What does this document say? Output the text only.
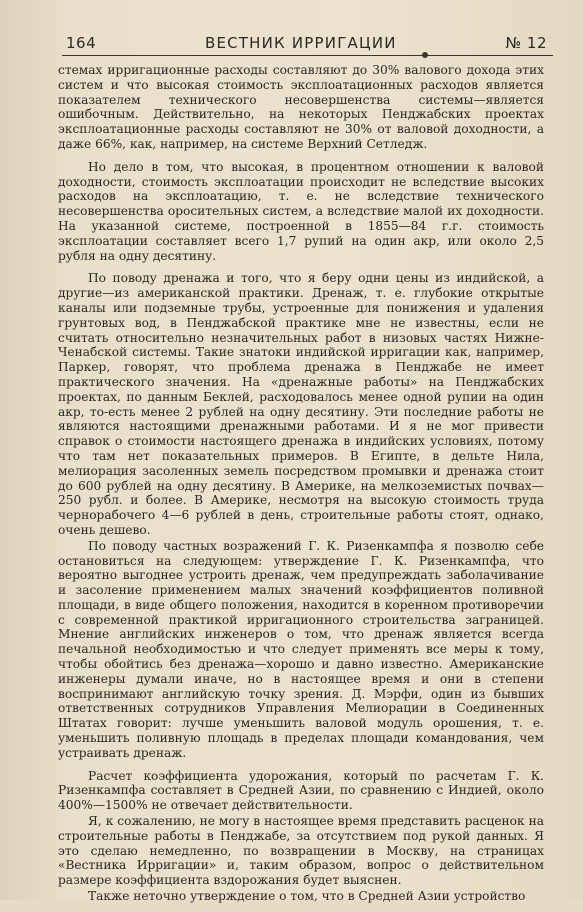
164	ВЕСТНИК ИРРИГАЦИИ	№ 12

стемах ирригационные расходы составляют до 30% валового дохода этих систем и что высокая стоимость эксплоатационных расходов является показателем технического несовершенства системы—является ошибочным. Действительно, на некоторых Пенджабских проектах эксплоатационные расходы составляют не 30% от валовой доходности, а даже 66%, как, например, на системе Верхний Сетледж.

Но дело в том, что высокая, в процентном отношении к валовой доходности, стоимость эксплоатации происходит не вследствие высоких расходов на эксплоатацию, т. е. не вследствие технического несовершенства оросительных систем, а вследствие малой их доходности. На указанной системе, построенной в 1855—84 г.г. стоимость эксплоатации составляет всего 1,7 рупий на один акр, или около 2,5 рубля на одну десятину.

По поводу дренажа и того, что я беру одни цены из индийской, а другие—из американской практики. Дренаж, т. е. глубокие открытые каналы или подземные трубы, устроенные для понижения и удаления грунтовых вод, в Пенджабской практике мне не известны, если не считать относительно незначительных работ в низовых частях Нижне-Ченабской системы. Такие знатоки индийской ирригации как, например, Паркер, говорят, что проблема дренажа в Пенджабе не имеет практического значения. На «дренажные работы» на Пенджабских проектах, по данным Беклей, расходовалось менее одной рупии на один акр, то-есть менее 2 рублей на одну десятину. Эти последние работы не являются настоящими дренажными работами. И я не мог привести справок о стоимости настоящего дренажа в индийских условиях, потому что там нет показательных примеров. В Египте, в дельте Нила, мелиорация засоленных земель посредством промывки и дренажа стоит до 600 рублей на одну десятину. В Америке, на мелкоземистых почвах—250 рубл. и более. В Америке, несмотря на высокую стоимость труда чернорабочего 4—6 рублей в день, строительные работы стоят, однако, очень дешево.

По поводу частных возражений Г. К. Ризенкампфа я позволю себе остановиться на следующем: утверждение Г. К. Ризенкампфа, что вероятно выгоднее устроить дренаж, чем предупреждать заболачивание и засоление применением малых значений коэффициентов поливной площади, в виде общего положения, находится в коренном противоречии с современной практикой ирригационного строительства заграницей. Мнение английских инженеров о том, что дренаж является всегда печальной необходимостью и что следует применять все меры к тому, чтобы обойтись без дренажа—хорошо и давно известно. Американские инженеры думали иначе, но в настоящее время и они в степени воспринимают английскую точку зрения. Д. Мэрфи, один из бывших ответственных сотрудников Управления Мелиорации в Соединенных Штатах говорит: лучше уменьшить валовой модуль орошения, т. е. уменьшить поливную площадь в пределах площади командования, чем устраивать дренаж.

Расчет коэффициента удорожания, который по расчетам Г. К. Ризенкампфа составляет в Средней Азии, по сравнению с Индией, около 400%—1500% не отвечает действительности.

Я, к сожалению, не могу в настоящее время представить расценок на строительные работы в Пенджабе, за отсутствием под рукой данных. Я это сделаю немедленно, по возвращении в Москву, на страницах «Вестника Ирригации» и, таким образом, вопрос о действительном размере коэффициента вздорожания будет выяснен.

Также неточно утверждение о том, что в Средней Азии устройство
